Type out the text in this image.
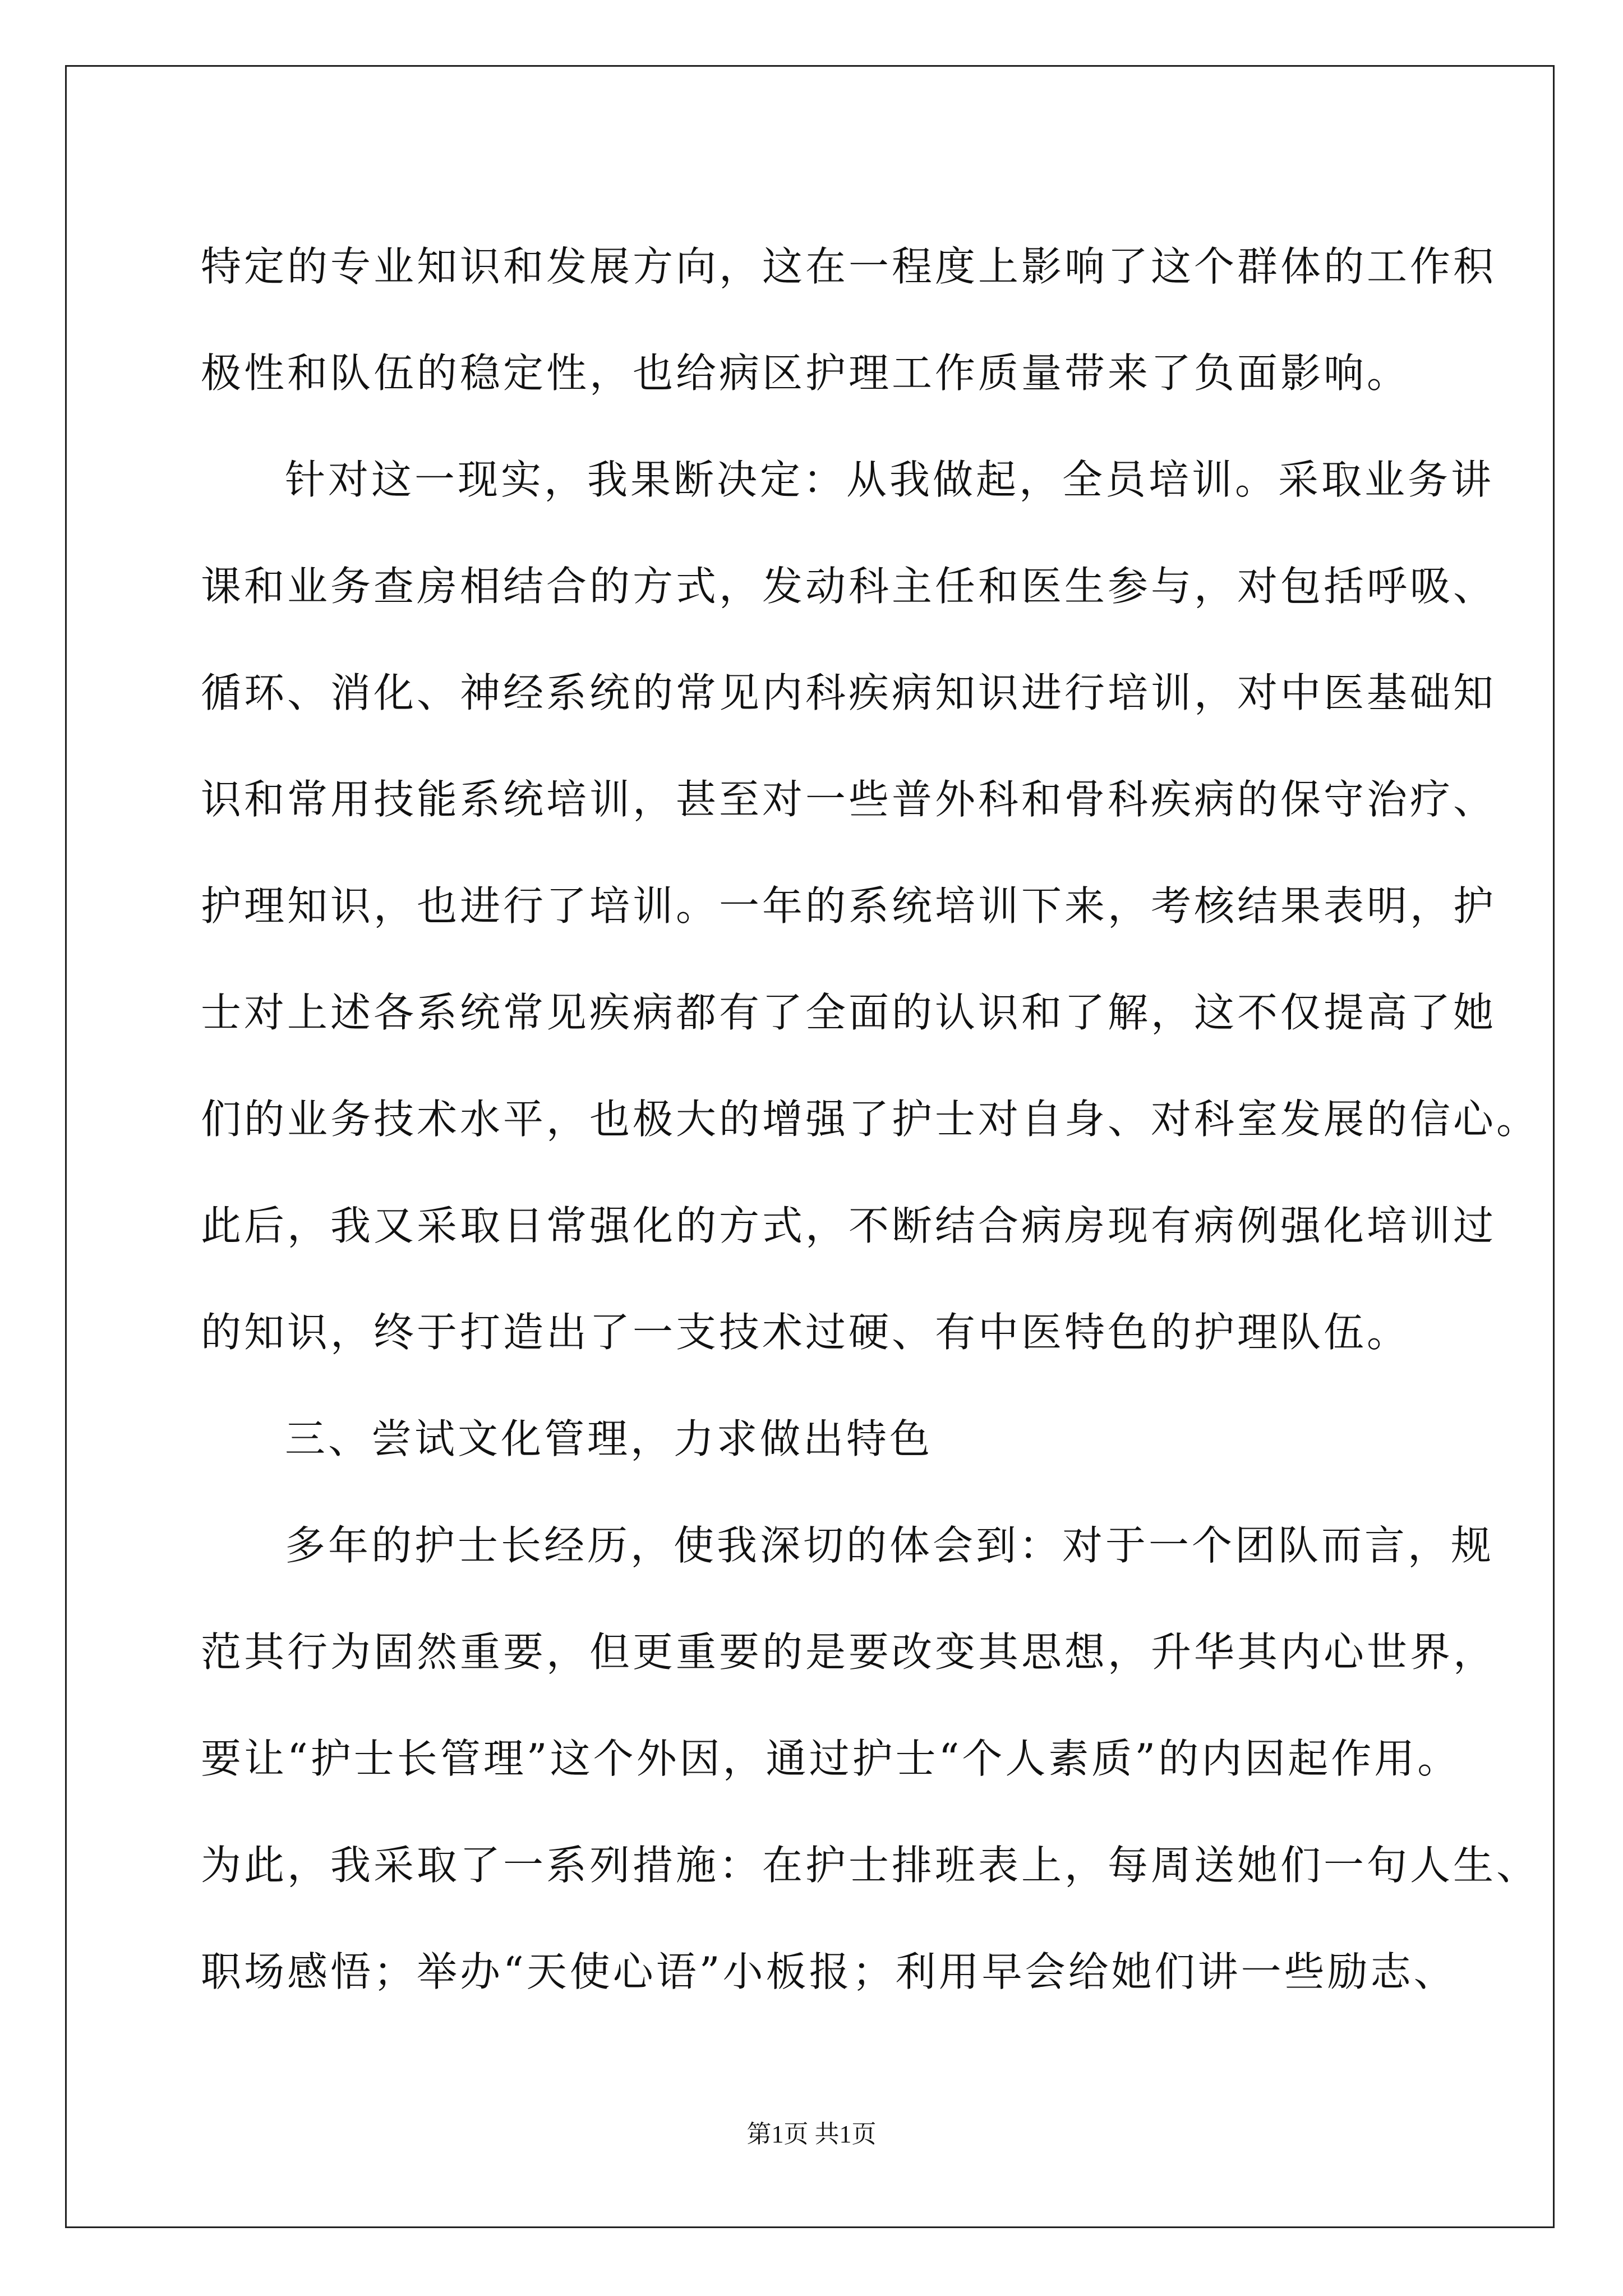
特定的专业知识和发展方向，这在一程度上影响了这个群体的工作积
极性和队伍的稳定性，也给病区护理工作质量带来了负面影响。
针对这一现实，我果断决定：从我做起，全员培训。采取业务讲
课和业务查房相结合的方式，发动科主任和医生参与，对包括呼吸、
循环、消化、神经系统的常见内科疾病知识进行培训，对中医基础知
识和常用技能系统培训，甚至对一些普外科和骨科疾病的保守治疗、
护理知识，也进行了培训。一年的系统培训下来，考核结果表明，护
士对上述各系统常见疾病都有了全面的认识和了解，这不仅提高了她
们的业务技术水平，也极大的增强了护士对自身、对科室发展的信心。
此后，我又采取日常强化的方式，不断结合病房现有病例强化培训过
的知识，终于打造出了一支技术过硬、有中医特色的护理队伍。
三、尝试文化管理，力求做出特色
多年的护士长经历，使我深切的体会到：对于一个团队而言，规
范其行为固然重要，但更重要的是要改变其思想，升华其内心世界，
要让“护士长管理”这个外因，通过护士“个人素质”的内因起作用。
为此，我采取了一系列措施：在护士排班表上，每周送她们一句人生、
职场感悟；举办“天使心语”小板报；利用早会给她们讲一些励志、
第1页 共1页
